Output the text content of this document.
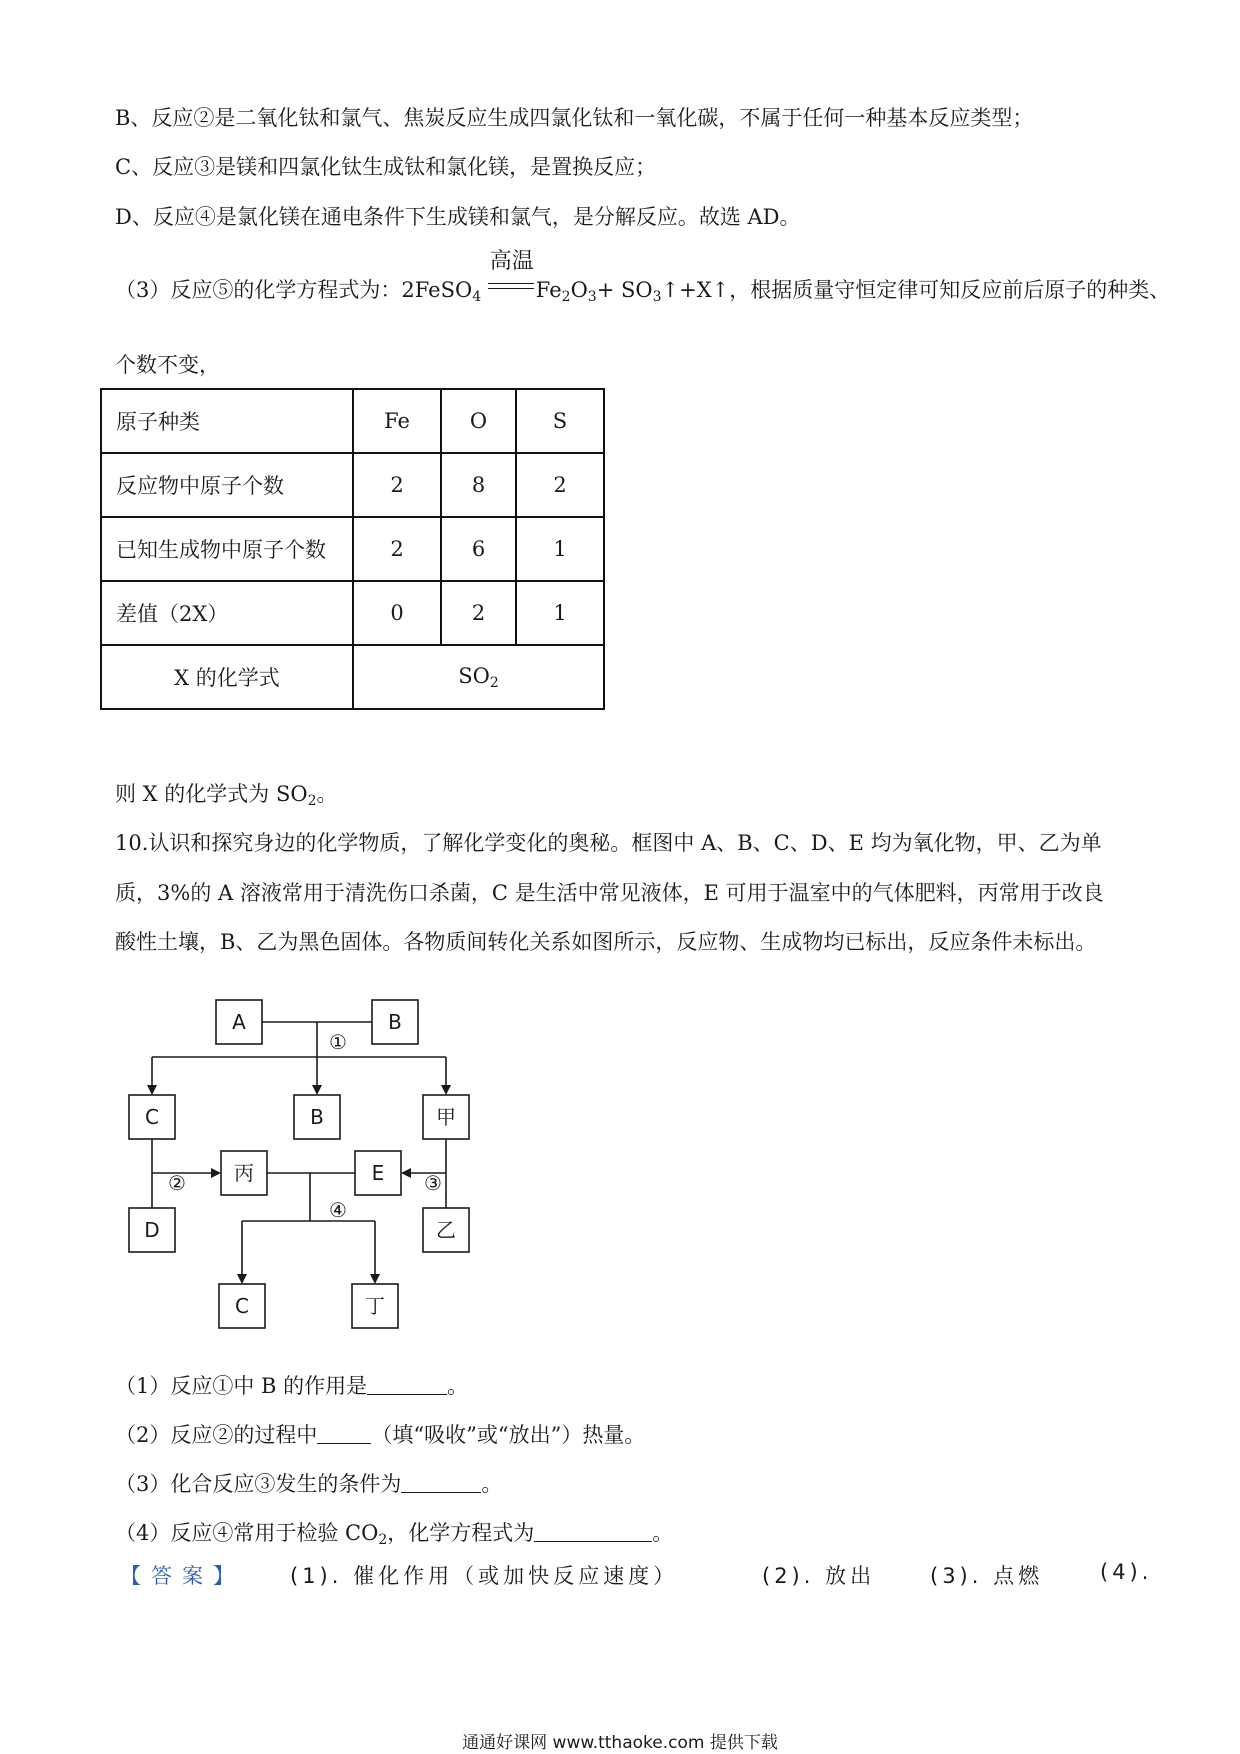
B、反应②是二氧化钛和氯气、焦炭反应生成四氯化钛和一氧化碳，不属于任何一种基本反应类型；
C、反应③是镁和四氯化钛生成钛和氯化镁，是置换反应；
D、反应④是氯化镁在通电条件下生成镁和氯气，是分解反应。故选 AD。
（3）反应⑤的化学方程式为：2FeSO$_4$
高温
$Fe_2O_3+$ $SO_3↑+X↑$，根据质量守恒定律可知反应前后原子的种类、
个数不变，
原子种类	Fe	O	S
反应物中原子个数	2	8	2
已知生成物中原子个数	2	6	1
差值（2X）	0	2	1
X 的化学式	$SO_2$
则 X 的化学式为 $SO_2$。
10.认识和探究身边的化学物质，了解化学变化的奥秘。框图中 A、B、C、D、E 均为氧化物，甲、乙为单
质，3%的 A 溶液常用于清洗伤口杀菌，C 是生活中常见液体，E 可用于温室中的气体肥料，丙常用于改良
酸性土壤，B、乙为黑色固体。各物质间转化关系如图所示，反应物、生成物均已标出，反应条件未标出。
A	B
C	B	甲
丙	E
D	乙
C	丁
①
②	③
④
（1）反应①中 B 的作用是	。
（2）反应②的过程中	（填“吸收”或“放出”）热量。
（3）化合反应③发生的条件为	。
（4）反应④常用于检验 $CO_2$，化学方程式为	。
【答案】 (1). 催化作用（或加快反应速度）	(2). 放出	(3). 点燃	(4).
通通好课网 www.tthaoke.com 提供下载
